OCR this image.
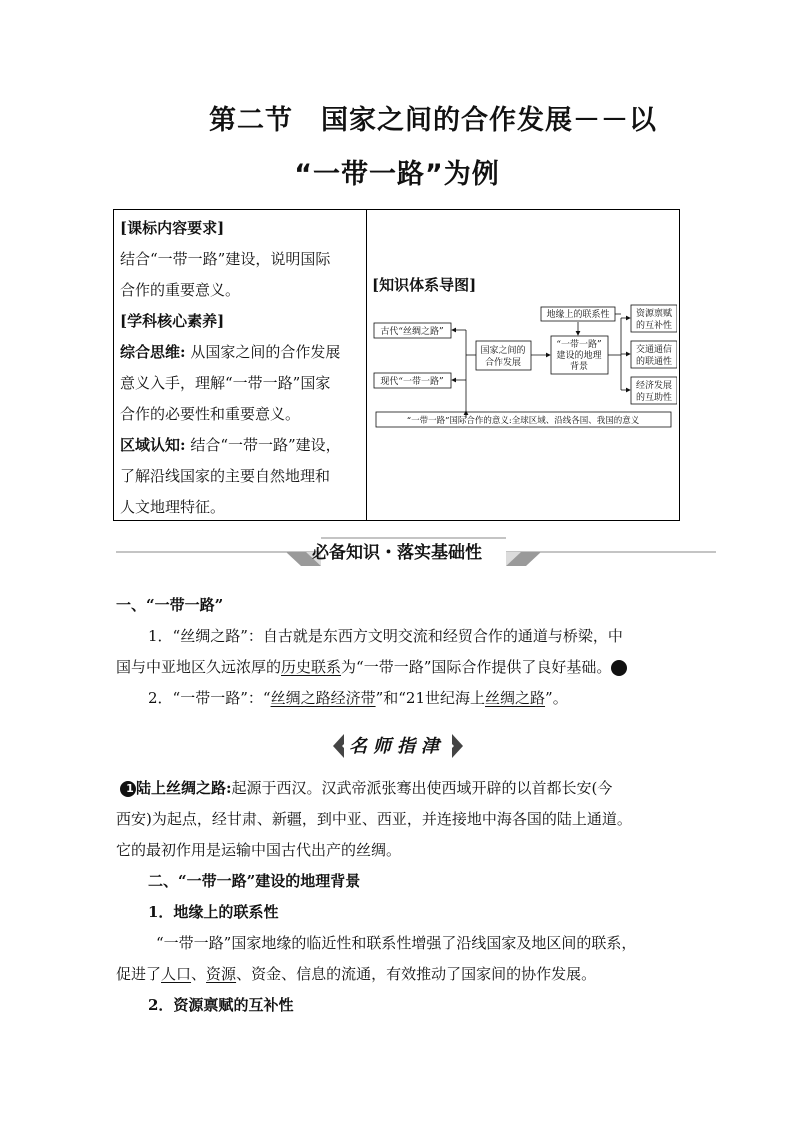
第二节　国家之间的合作发展－－以
“一带一路”为例
[课标内容要求]
结合“一带一路”建设，说明国际
合作的重要意义。
[学科核心素养]
综合思维: 从国家之间的合作发展
意义入手，理解“一带一路”国家
合作的必要性和重要意义。
区域认知: 结合“一带一路”建设，
了解沿线国家的主要自然地理和
人文地理特征。
[知识体系导图]
古代“丝绸之路”
现代“一带一路”
国家之间的
合作发展
“一带一路”
建设的地理
背景
地缘上的联系性	资源禀赋
的互补性
交通通信
的联通性
经济发展
的互助性
“一带一路”国际合作的意义:全球区域、沿线各国、我国的意义
必备知识・落实基础性

一、“一带一路”

1．“丝绸之路”：自古就是东西方文明交流和经贸合作的通道与桥梁，中
国与中亚地区久远浓厚的历史联系为“一带一路”国际合作提供了良好基础。	1

2．“一带一路”：“丝绸之路经济带”和“21世纪海上丝绸之路”。

名师指津

1 陆上丝绸之路:起源于西汉。汉武帝派张骞出使西域开辟的以首都长安(今
西安)为起点，经甘肃、新疆，到中亚、西亚，并连接地中海各国的陆上通道。
它的最初作用是运输中国古代出产的丝绸。

二、“一带一路”建设的地理背景

1．地缘上的联系性

“一带一路”国家地缘的临近性和联系性增强了沿线国家及地区间的联系，
促进了人口、资源、资金、信息的流通，有效推动了国家间的协作发展。

2．资源禀赋的互补性
